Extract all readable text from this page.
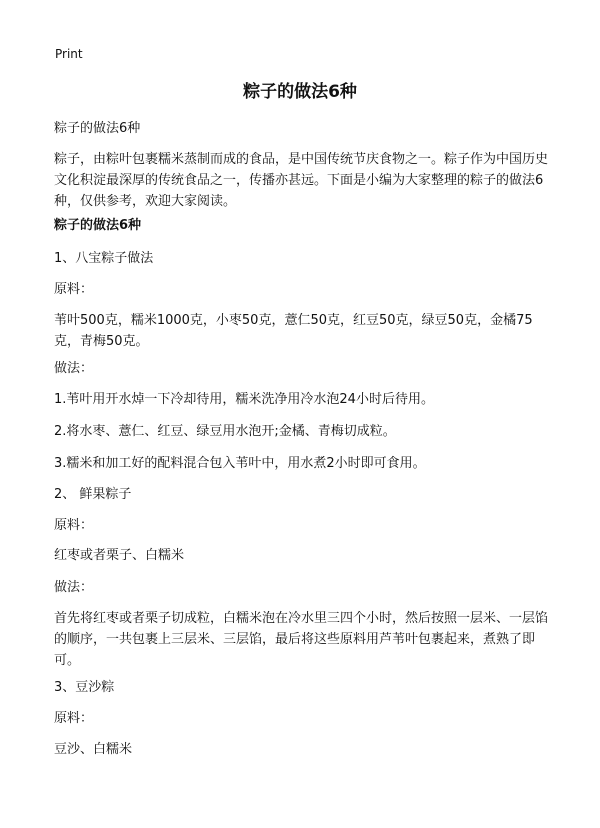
Print
粽子的做法6种

粽子的做法6种

粽子，由粽叶包裹糯米蒸制而成的食品，是中国传统节庆食物之一。粽子作为中国历史文化积淀最深厚的传统食品之一，传播亦甚远。下面是小编为大家整理的粽子的做法6种，仅供参考，欢迎大家阅读。

粽子的做法6种

1、八宝粽子做法

原料：

苇叶500克，糯米1000克，小枣50克，薏仁50克，红豆50克，绿豆50克，金橘75克，青梅50克。

做法：

1.苇叶用开水焯一下冷却待用，糯米洗净用冷水泡24小时后待用。

2.将水枣、薏仁、红豆、绿豆用水泡开;金橘、青梅切成粒。

3.糯米和加工好的配料混合包入苇叶中，用水煮2小时即可食用。

2、 鲜果粽子

原料：

红枣或者栗子、白糯米

做法：

首先将红枣或者栗子切成粒，白糯米泡在冷水里三四个小时，然后按照一层米、一层馅的顺序，一共包裹上三层米、三层馅，最后将这些原料用芦苇叶包裹起来，煮熟了即可。

3、豆沙粽

原料：

豆沙、白糯米
